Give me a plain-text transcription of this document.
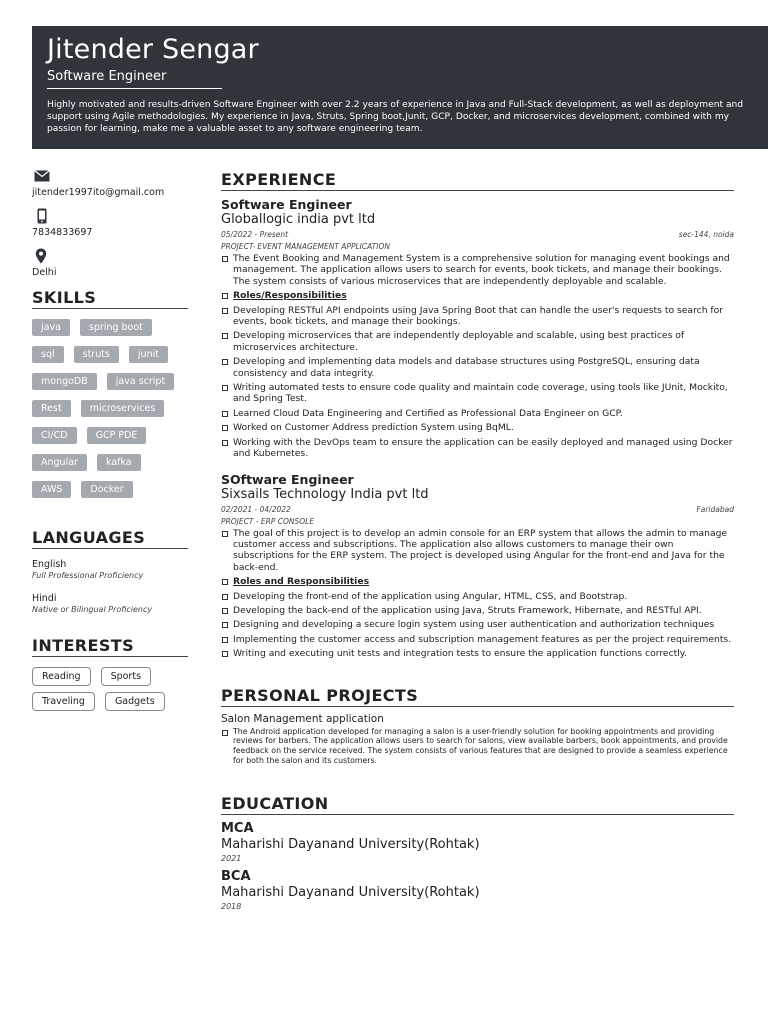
Jitender Sengar
Software Engineer
Highly motivated and results-driven Software Engineer with over 2.2 years of experience in Java and Full-Stack development, as well as deployment and support using Agile methodologies. My experience in Java, Struts, Spring boot,Junit, GCP, Docker, and microservices development, combined with my passion for learning, make me a valuable asset to any software engineering team.
jitender1997ito@gmail.com
7834833697
Delhi
SKILLS
java	spring boot
sql	struts	junit
mongoDB	java script
Rest	microservices
CI/CD	GCP PDE
Angular	kafka
AWS	Docker
LANGUAGES
English
Full Professional Proficiency
Hindi
Native or Bilingual Proficiency
INTERESTS
Reading	Sports
Traveling	Gadgets
EXPERIENCE
Software Engineer
Globallogic india pvt ltd
05/2022 - Present	sec-144, noida
PROJECT- EVENT MANAGEMENT APPLICATION
The Event Booking and Management System is a comprehensive solution for managing event bookings and management. The application allows users to search for events, book tickets, and manage their bookings. The system consists of various microservices that are independently deployable and scalable.
Roles/Responsibilities
Developing RESTful API endpoints using Java Spring Boot that can handle the user's requests to search for events, book tickets, and manage their bookings.
Developing microservices that are independently deployable and scalable, using best practices of microservices architecture.
Developing and implementing data models and database structures using PostgreSQL, ensuring data consistency and data integrity.
Writing automated tests to ensure code quality and maintain code coverage, using tools like JUnit, Mockito, and Spring Test.
Learned Cloud Data Engineering and Certified as Professional Data Engineer on GCP.
Worked on Customer Address prediction System using BqML.
Working with the DevOps team to ensure the application can be easily deployed and managed using Docker and Kubernetes.
SOftware Engineer
Sixsails Technology India pvt ltd
02/2021 - 04/2022	Faridabad
PROJECT - ERP CONSOLE
The goal of this project is to develop an admin console for an ERP system that allows the admin to manage customer access and subscriptions. The application also allows customers to manage their own subscriptions for the ERP system. The project is developed using Angular for the front-end and Java for the back-end.
Roles and Responsibilities
Developing the front-end of the application using Angular, HTML, CSS, and Bootstrap.
Developing the back-end of the application using Java, Struts Framework, Hibernate, and RESTful API.
Designing and developing a secure login system using user authentication and authorization techniques
Implementing the customer access and subscription management features as per the project requirements.
Writing and executing unit tests and integration tests to ensure the application functions correctly.
PERSONAL PROJECTS
Salon Management application
The Android application developed for managing a salon is a user-friendly solution for booking appointments and providing reviews for barbers. The application allows users to search for salons, view available barbers, book appointments, and provide feedback on the service received. The system consists of various features that are designed to provide a seamless experience for both the salon and its customers.
EDUCATION
MCA
Maharishi Dayanand University(Rohtak)
2021
BCA
Maharishi Dayanand University(Rohtak)
2018
